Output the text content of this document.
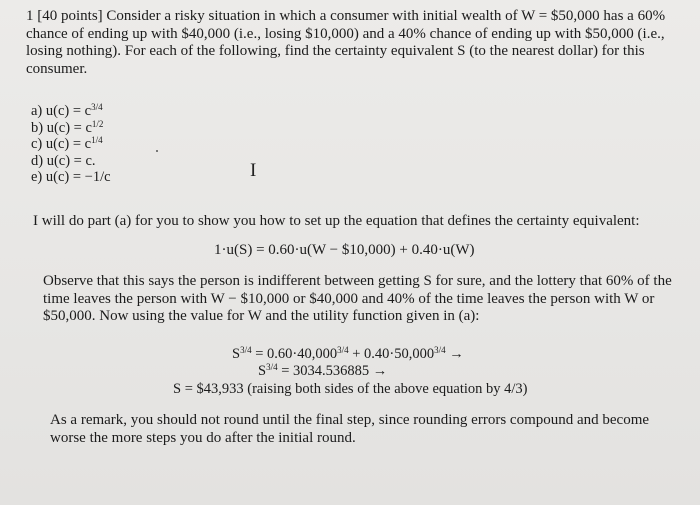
1 [40 points] Consider a risky situation in which a consumer with initial wealth of W = $50,000 has a 60% chance of ending up with $40,000 (i.e., losing $10,000) and a 40% chance of ending up with $50,000 (i.e., losing nothing). For each of the following, find the certainty equivalent S (to the nearest dollar) for this consumer.
a) $u(c) = c^{3/4}$
b) $u(c) = c^{1/2}$
c) $u(c) = c^{1/4}$
d) u(c) = c.
e) u(c) = −1/c	I
I will do part (a) for you to show you how to set up the equation that defines the certainty equivalent:
1·u(S) = 0.60·u(W − $10,000) + 0.40·u(W)
Observe that this says the person is indifferent between getting S for sure, and the lottery that 60% of the time leaves the person with W − $10,000 or $40,000 and 40% of the time leaves the person with W or $50,000. Now using the value for W and the utility function given in (a):
$S^{3/4} = 0.60\cdot 40,000^{3/4} + 0.40\cdot 50,000^{3/4}$ →
$S^{3/4} = 3034.536885$ →
S = $43,933 (raising both sides of the above equation by 4/3)
As a remark, you should not round until the final step, since rounding errors compound and become worse the more steps you do after the initial round.
